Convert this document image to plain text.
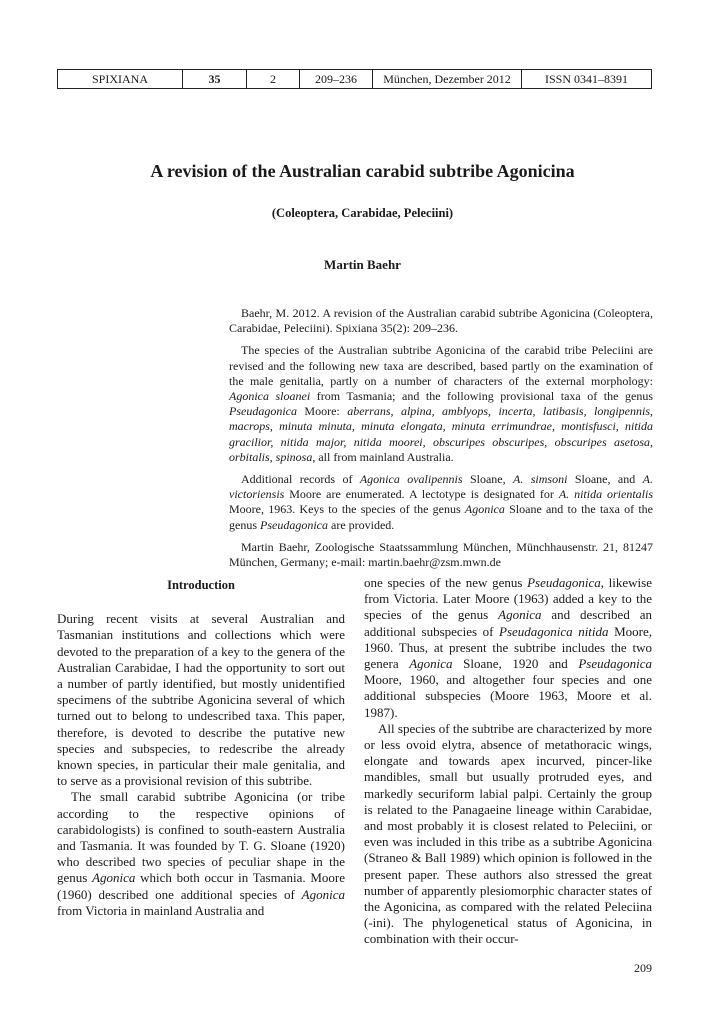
SPIXIANA	35	2	209–236	München, Dezember 2012	ISSN 0341–8391
A revision of the Australian carabid subtribe Agonicina
(Coleoptera, Carabidae, Peleciini)
Martin Baehr

Baehr, M. 2012. A revision of the Australian carabid subtribe Agonicina (Coleoptera, Carabidae, Peleciini). Spixiana 35(2): 209–236.

The species of the Australian subtribe Agonicina of the carabid tribe Peleciini are revised and the following new taxa are described, based partly on the examination of the male genitalia, partly on a number of characters of the external morphology: Agonica sloanei from Tasmania; and the following provisional taxa of the genus Pseudagonica Moore: aberrans, alpina, amblyops, incerta, latibasis, longipennis, macrops, minuta minuta, minuta elongata, minuta errimundrae, montisfusci, nitida gracilior, nitida major, nitida moorei, obscuripes obscuripes, obscuripes asetosa, orbitalis, spinosa, all from mainland Australia.

Additional records of Agonica ovalipennis Sloane, A. simsoni Sloane, and A. victoriensis Moore are enumerated. A lectotype is designated for A. nitida orientalis Moore, 1963. Keys to the species of the genus Agonica Sloane and to the taxa of the genus Pseudagonica are provided.

Martin Baehr, Zoologische Staatssammlung München, Münchhausenstr. 21, 81247 München, Germany; e-mail: martin.baehr@zsm.mwn.de

Introduction

During recent visits at several Australian and Tasmanian institutions and collections which were devoted to the preparation of a key to the genera of the Australian Carabidae, I had the opportunity to sort out a number of partly identified, but mostly unidentified specimens of the subtribe Agonicina several of which turned out to belong to undescribed taxa. This paper, therefore, is devoted to describe the putative new species and subspecies, to redescribe the already known species, in particular their male genitalia, and to serve as a provisional revision of this subtribe.

The small carabid subtribe Agonicina (or tribe according to the respective opinions of carabidologists) is confined to south-eastern Australia and Tasmania. It was founded by T. G. Sloane (1920) who described two species of peculiar shape in the genus Agonica which both occur in Tasmania. Moore (1960) described one additional species of Agonica from Victoria in mainland Australia and

one species of the new genus Pseudagonica, likewise from Victoria. Later Moore (1963) added a key to the species of the genus Agonica and described an additional subspecies of Pseudagonica nitida Moore, 1960. Thus, at present the subtribe includes the two genera Agonica Sloane, 1920 and Pseudagonica Moore, 1960, and altogether four species and one additional subspecies (Moore 1963, Moore et al. 1987).

All species of the subtribe are characterized by more or less ovoid elytra, absence of metathoracic wings, elongate and towards apex incurved, pincer-like mandibles, small but usually protruded eyes, and markedly securiform labial palpi. Certainly the group is related to the Panagaeine lineage within Carabidae, and most probably it is closest related to Peleciini, or even was included in this tribe as a subtribe Agonicina (Straneo & Ball 1989) which opinion is followed in the present paper. These authors also stressed the great number of apparently plesiomorphic character states of the Agonicina, as compared with the related Peleciina (-ini). The phylogenetical status of Agonicina, in combination with their occur-

209
